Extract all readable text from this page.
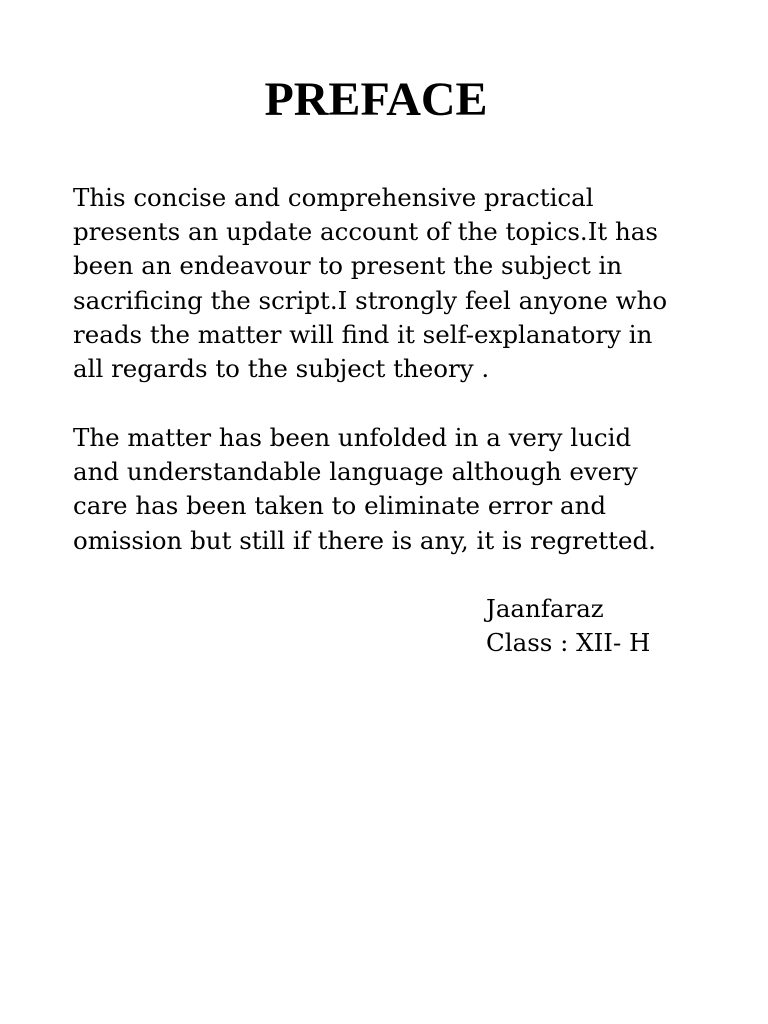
PREFACE

This concise and comprehensive practical
presents an update account of the topics.It has
been an endeavour to present the subject in
sacrificing the script.I strongly feel anyone who
reads the matter will find it self-explanatory in
all regards to the subject theory .

The matter has been unfolded in a very lucid
and understandable language although every
care has been taken to eliminate error and
omission but still if there is any, it is regretted.

Jaanfaraz
Class : XII- H
